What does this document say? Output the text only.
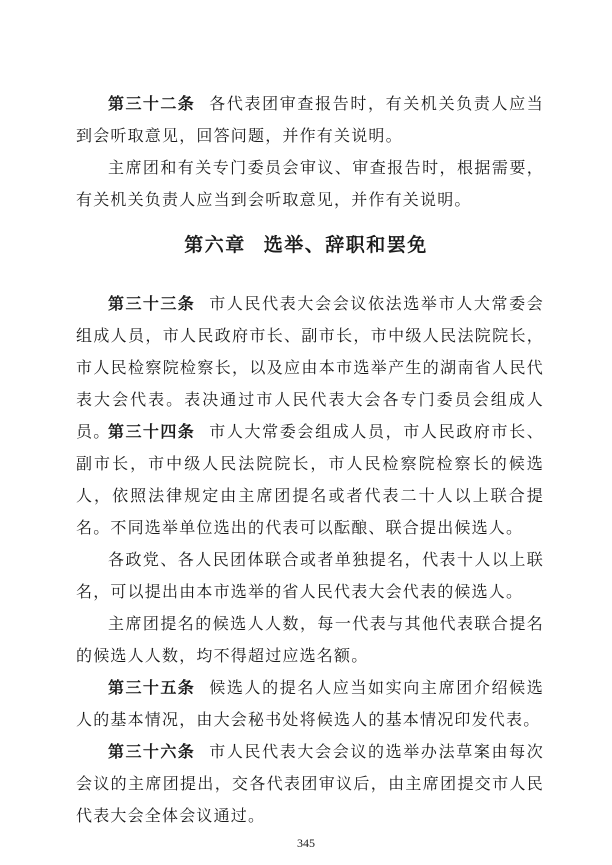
第三十二条 各代表团审查报告时，有关机关负责人应当到会听取意见，回答问题，并作有关说明。

主席团和有关专门委员会审议、审查报告时，根据需要，有关机关负责人应当到会听取意见，并作有关说明。

第六章 选举、辞职和罢免

第三十三条 市人民代表大会会议依法选举市人大常委会组成人员，市人民政府市长、副市长，市中级人民法院院长，市人民检察院检察长，以及应由本市选举产生的湖南省人民代表大会代表。表决通过市人民代表大会各专门委员会组成人员。

第三十四条 市人大常委会组成人员，市人民政府市长、副市长，市中级人民法院院长，市人民检察院检察长的候选人，依照法律规定由主席团提名或者代表二十人以上联合提名。不同选举单位选出的代表可以酝酿、联合提出候选人。

各政党、各人民团体联合或者单独提名，代表十人以上联名，可以提出由本市选举的省人民代表大会代表的候选人。

主席团提名的候选人人数，每一代表与其他代表联合提名的候选人人数，均不得超过应选名额。

第三十五条 候选人的提名人应当如实向主席团介绍候选人的基本情况，由大会秘书处将候选人的基本情况印发代表。

第三十六条 市人民代表大会会议的选举办法草案由每次会议的主席团提出，交各代表团审议后，由主席团提交市人民代表大会全体会议通过。

345
